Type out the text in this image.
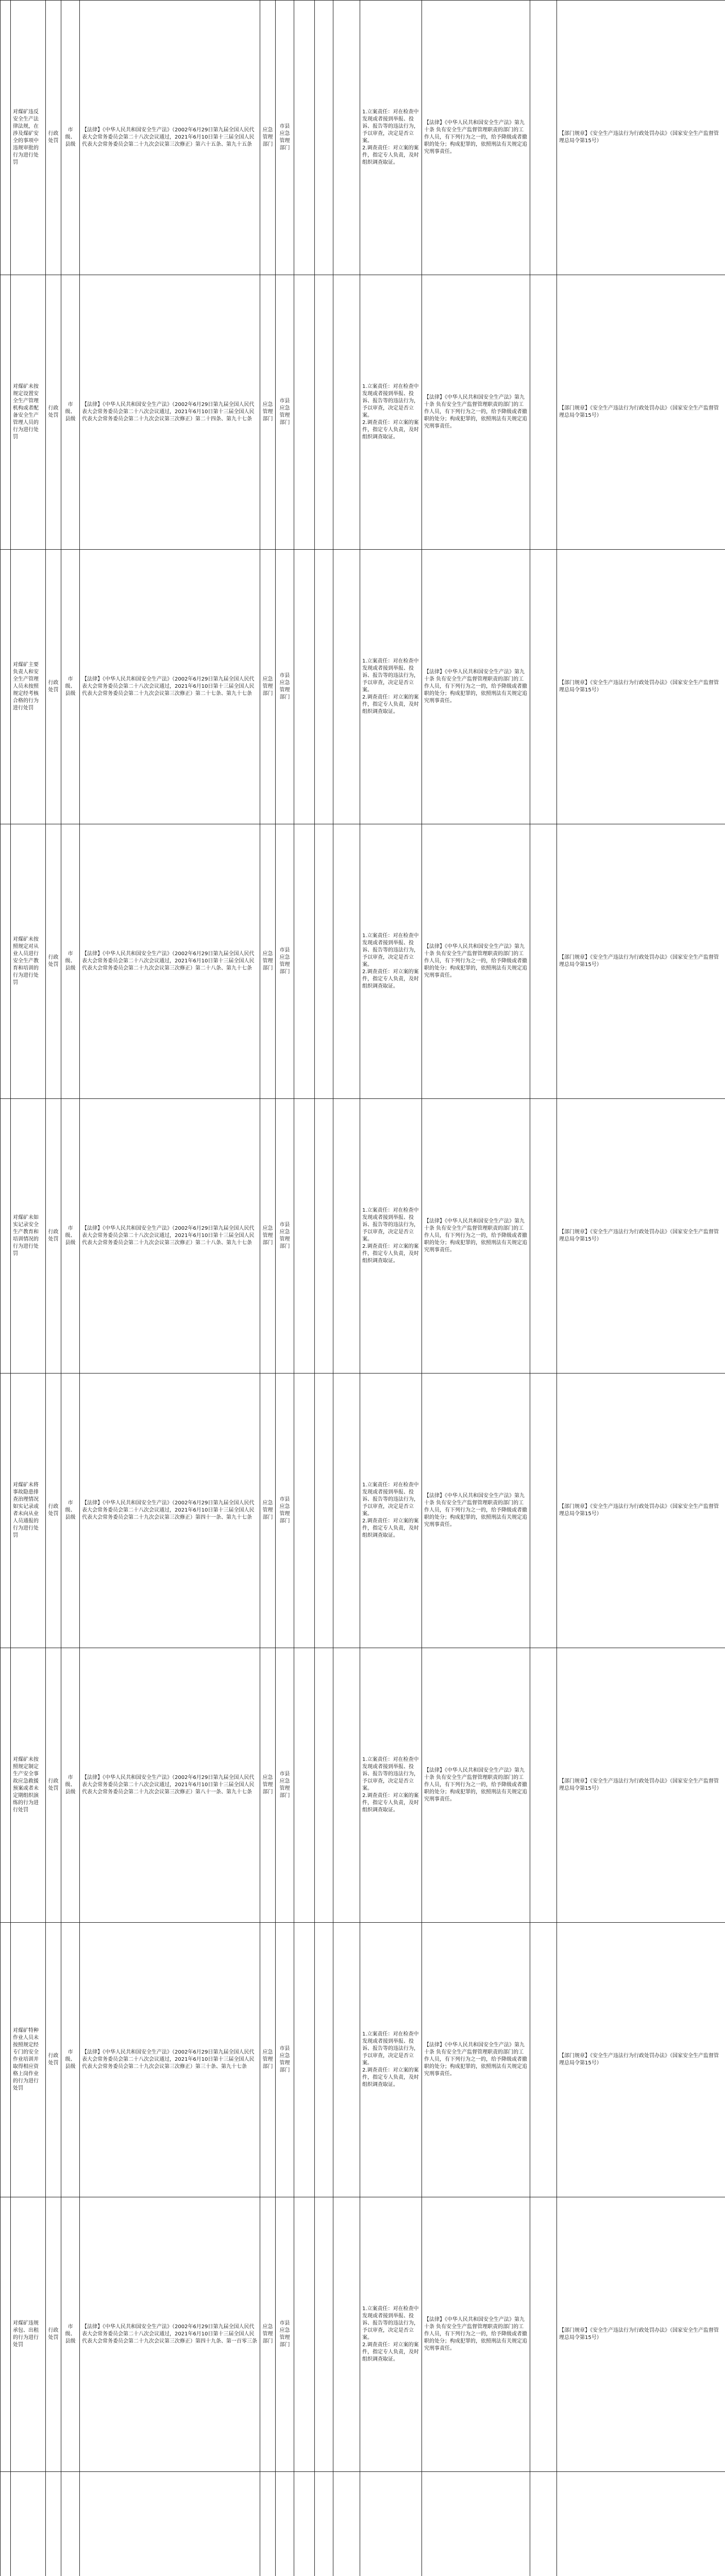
	对煤矿违反安全生产法律法规，在涉及煤矿安全的事项中违规审批的行为进行处罚	行政处罚	市级、县级	【法律】《中华人民共和国安全生产法》（2002年6月29日第九届全国人民代表大会常务委员会第二十八次会议通过，2021年6月10日第十三届全国人民代表大会常务委员会第二十九次会议第三次修正）第六十五条、第九十五条	应急管理部门	市县应急管理部门				1.立案责任：对在检查中发现或者接到举报、投诉、报告等的违法行为，予以审查，决定是否立案。
2.调查责任：对立案的案件，指定专人负责，及时组织调查取证。	【法律】《中华人民共和国安全生产法》第九十条 负有安全生产监督管理职责的部门的工作人员，有下列行为之一的，给予降级或者撤职的处分；构成犯罪的，依照刑法有关规定追究刑事责任。		【部门规章】《安全生产违法行为行政处罚办法》（国家安全生产监督管理总局令第15号）
	对煤矿未按规定设置安全生产管理机构或者配备安全生产管理人员的行为进行处罚	行政处罚	市级、县级	【法律】《中华人民共和国安全生产法》（2002年6月29日第九届全国人民代表大会常务委员会第二十八次会议通过，2021年6月10日第十三届全国人民代表大会常务委员会第二十九次会议第三次修正）第二十四条、第九十七条	应急管理部门	市县应急管理部门				1.立案责任：对在检查中发现或者接到举报、投诉、报告等的违法行为，予以审查，决定是否立案。
2.调查责任：对立案的案件，指定专人负责，及时组织调查取证。	【法律】《中华人民共和国安全生产法》第九十条 负有安全生产监督管理职责的部门的工作人员，有下列行为之一的，给予降级或者撤职的处分；构成犯罪的，依照刑法有关规定追究刑事责任。		【部门规章】《安全生产违法行为行政处罚办法》（国家安全生产监督管理总局令第15号）
	对煤矿主要负责人和安全生产管理人员未按照规定经考核合格的行为进行处罚	行政处罚	市级、县级	【法律】《中华人民共和国安全生产法》（2002年6月29日第九届全国人民代表大会常务委员会第二十八次会议通过，2021年6月10日第十三届全国人民代表大会常务委员会第二十九次会议第三次修正）第二十七条、第九十七条	应急管理部门	市县应急管理部门				1.立案责任：对在检查中发现或者接到举报、投诉、报告等的违法行为，予以审查，决定是否立案。
2.调查责任：对立案的案件，指定专人负责，及时组织调查取证。	【法律】《中华人民共和国安全生产法》第九十条 负有安全生产监督管理职责的部门的工作人员，有下列行为之一的，给予降级或者撤职的处分；构成犯罪的，依照刑法有关规定追究刑事责任。		【部门规章】《安全生产违法行为行政处罚办法》（国家安全生产监督管理总局令第15号）
	对煤矿未按照规定对从业人员进行安全生产教育和培训的行为进行处罚	行政处罚	市级、县级	【法律】《中华人民共和国安全生产法》（2002年6月29日第九届全国人民代表大会常务委员会第二十八次会议通过，2021年6月10日第十三届全国人民代表大会常务委员会第二十九次会议第三次修正）第二十八条、第九十七条	应急管理部门	市县应急管理部门				1.立案责任：对在检查中发现或者接到举报、投诉、报告等的违法行为，予以审查，决定是否立案。
2.调查责任：对立案的案件，指定专人负责，及时组织调查取证。	【法律】《中华人民共和国安全生产法》第九十条 负有安全生产监督管理职责的部门的工作人员，有下列行为之一的，给予降级或者撤职的处分；构成犯罪的，依照刑法有关规定追究刑事责任。		【部门规章】《安全生产违法行为行政处罚办法》（国家安全生产监督管理总局令第15号）
	对煤矿未如实记录安全生产教育和培训情况的行为进行处罚	行政处罚	市级、县级	【法律】《中华人民共和国安全生产法》（2002年6月29日第九届全国人民代表大会常务委员会第二十八次会议通过，2021年6月10日第十三届全国人民代表大会常务委员会第二十九次会议第三次修正）第二十八条、第九十七条	应急管理部门	市县应急管理部门				1.立案责任：对在检查中发现或者接到举报、投诉、报告等的违法行为，予以审查，决定是否立案。
2.调查责任：对立案的案件，指定专人负责，及时组织调查取证。	【法律】《中华人民共和国安全生产法》第九十条 负有安全生产监督管理职责的部门的工作人员，有下列行为之一的，给予降级或者撤职的处分；构成犯罪的，依照刑法有关规定追究刑事责任。		【部门规章】《安全生产违法行为行政处罚办法》（国家安全生产监督管理总局令第15号）
	对煤矿未将事故隐患排查治理情况如实记录或者未向从业人员通报的行为进行处罚	行政处罚	市级、县级	【法律】《中华人民共和国安全生产法》（2002年6月29日第九届全国人民代表大会常务委员会第二十八次会议通过，2021年6月10日第十三届全国人民代表大会常务委员会第二十九次会议第三次修正）第四十一条、第九十七条	应急管理部门	市县应急管理部门				1.立案责任：对在检查中发现或者接到举报、投诉、报告等的违法行为，予以审查，决定是否立案。
2.调查责任：对立案的案件，指定专人负责，及时组织调查取证。	【法律】《中华人民共和国安全生产法》第九十条 负有安全生产监督管理职责的部门的工作人员，有下列行为之一的，给予降级或者撤职的处分；构成犯罪的，依照刑法有关规定追究刑事责任。		【部门规章】《安全生产违法行为行政处罚办法》（国家安全生产监督管理总局令第15号）
	对煤矿未按照规定制定生产安全事故应急救援预案或者未定期组织演练的行为进行处罚	行政处罚	市级、县级	【法律】《中华人民共和国安全生产法》（2002年6月29日第九届全国人民代表大会常务委员会第二十八次会议通过，2021年6月10日第十三届全国人民代表大会常务委员会第二十九次会议第三次修正）第八十一条、第九十七条	应急管理部门	市县应急管理部门				1.立案责任：对在检查中发现或者接到举报、投诉、报告等的违法行为，予以审查，决定是否立案。
2.调查责任：对立案的案件，指定专人负责，及时组织调查取证。	【法律】《中华人民共和国安全生产法》第九十条 负有安全生产监督管理职责的部门的工作人员，有下列行为之一的，给予降级或者撤职的处分；构成犯罪的，依照刑法有关规定追究刑事责任。		【部门规章】《安全生产违法行为行政处罚办法》（国家安全生产监督管理总局令第15号）
	对煤矿特种作业人员未按照规定经专门的安全作业培训并取得相应资格上岗作业的行为进行处罚	行政处罚	市级、县级	【法律】《中华人民共和国安全生产法》（2002年6月29日第九届全国人民代表大会常务委员会第二十八次会议通过，2021年6月10日第十三届全国人民代表大会常务委员会第二十九次会议第三次修正）第三十条、第九十七条	应急管理部门	市县应急管理部门				1.立案责任：对在检查中发现或者接到举报、投诉、报告等的违法行为，予以审查，决定是否立案。
2.调查责任：对立案的案件，指定专人负责，及时组织调查取证。	【法律】《中华人民共和国安全生产法》第九十条 负有安全生产监督管理职责的部门的工作人员，有下列行为之一的，给予降级或者撤职的处分；构成犯罪的，依照刑法有关规定追究刑事责任。		【部门规章】《安全生产违法行为行政处罚办法》（国家安全生产监督管理总局令第15号）
	对煤矿违规承包、出租的行为进行处罚	行政处罚	市级、县级	【法律】《中华人民共和国安全生产法》（2002年6月29日第九届全国人民代表大会常务委员会第二十八次会议通过，2021年6月10日第十三届全国人民代表大会常务委员会第二十九次会议第三次修正）第四十九条、第一百零三条	应急管理部门	市县应急管理部门				1.立案责任：对在检查中发现或者接到举报、投诉、报告等的违法行为，予以审查，决定是否立案。
2.调查责任：对立案的案件，指定专人负责，及时组织调查取证。	【法律】《中华人民共和国安全生产法》第九十条 负有安全生产监督管理职责的部门的工作人员，有下列行为之一的，给予降级或者撤职的处分；构成犯罪的，依照刑法有关规定追究刑事责任。		【部门规章】《安全生产违法行为行政处罚办法》（国家安全生产监督管理总局令第15号）
